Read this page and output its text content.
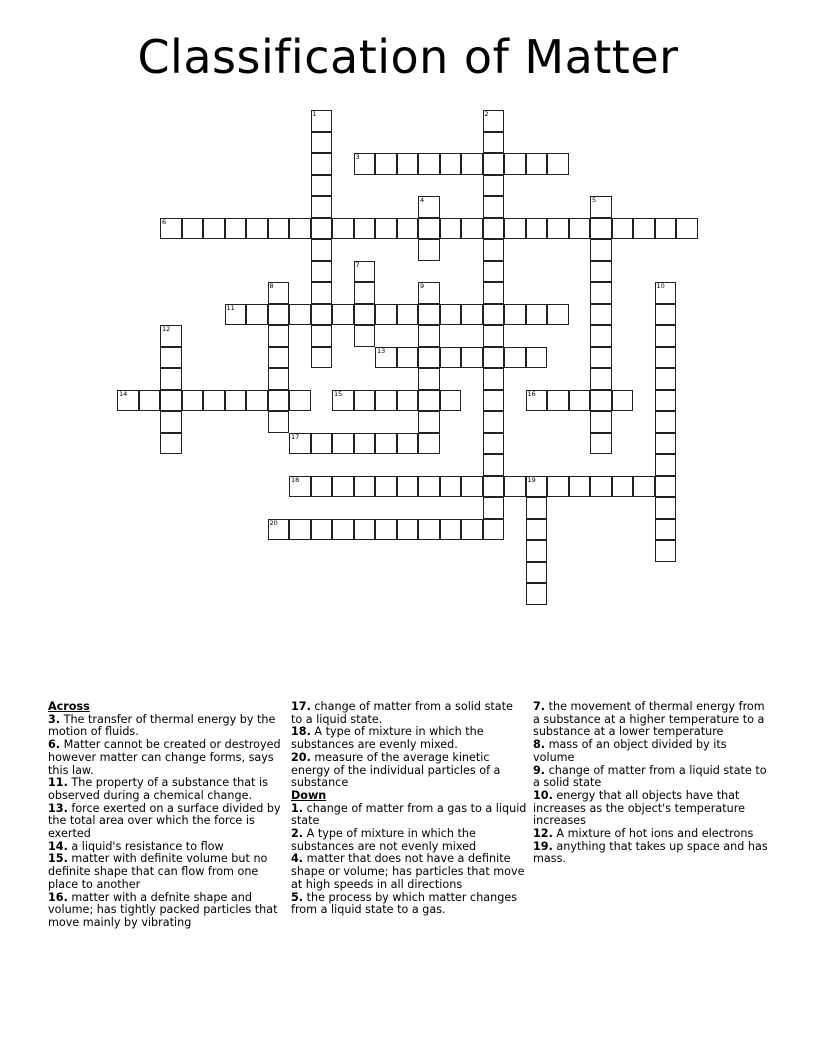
Classification of Matter
1	2
3
4	5
6
7
8	9	10
11
12
13
14	15	16
17
18	19
20
Across
3. The transfer of thermal energy by the motion of fluids.
6. Matter cannot be created or destroyed however matter can change forms, says this law.
11. The property of a substance that is observed during a chemical change.
13. force exerted on a surface divided by the total area over which the force is exerted
14. a liquid's resistance to flow
15. matter with definite volume but no definite shape that can flow from one place to another
16. matter with a defnite shape and volume; has tightly packed particles that move mainly by vibrating
17. change of matter from a solid state to a liquid state.
18. A type of mixture in which the substances are evenly mixed.
20. measure of the average kinetic energy of the individual particles of a substance
Down
1. change of matter from a gas to a liquid state
2. A type of mixture in which the substances are not evenly mixed
4. matter that does not have a definite shape or volume; has particles that move at high speeds in all directions
5. the process by which matter changes from a liquid state to a gas.
7. the movement of thermal energy from a substance at a higher temperature to a substance at a lower temperature
8. mass of an object divided by its volume
9. change of matter from a liquid state to a solid state
10. energy that all objects have that increases as the object's temperature increases
12. A mixture of hot ions and electrons
19. anything that takes up space and has mass.
